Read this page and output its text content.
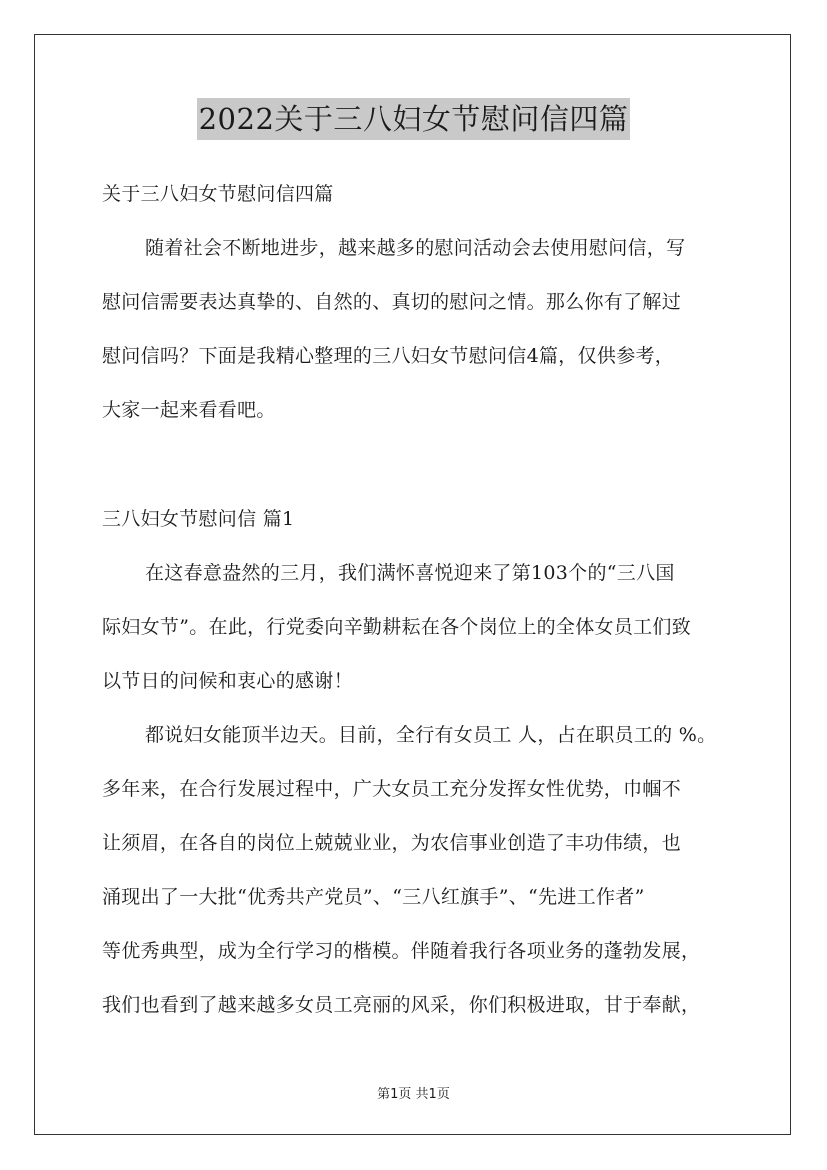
2022关于三八妇女节慰问信四篇
关于三八妇女节慰问信四篇
随着社会不断地进步，越来越多的慰问活动会去使用慰问信，写
慰问信需要表达真挚的、自然的、真切的慰问之情。那么你有了解过
慰问信吗？下面是我精心整理的三八妇女节慰问信4篇，仅供参考，
大家一起来看看吧。
三八妇女节慰问信 篇1
在这春意盎然的三月，我们满怀喜悦迎来了第103个的“三八国
际妇女节”。在此，行党委向辛勤耕耘在各个岗位上的全体女员工们致
以节日的问候和衷心的感谢！
都说妇女能顶半边天。目前，全行有女员工 人，占在职员工的 %。
多年来，在合行发展过程中，广大女员工充分发挥女性优势，巾帼不
让须眉，在各自的岗位上兢兢业业，为农信事业创造了丰功伟绩，也
涌现出了一大批“优秀共产党员”、“三八红旗手”、“先进工作者”
等优秀典型，成为全行学习的楷模。伴随着我行各项业务的蓬勃发展，
我们也看到了越来越多女员工亮丽的风采，你们积极进取，甘于奉献，
第1页 共1页
